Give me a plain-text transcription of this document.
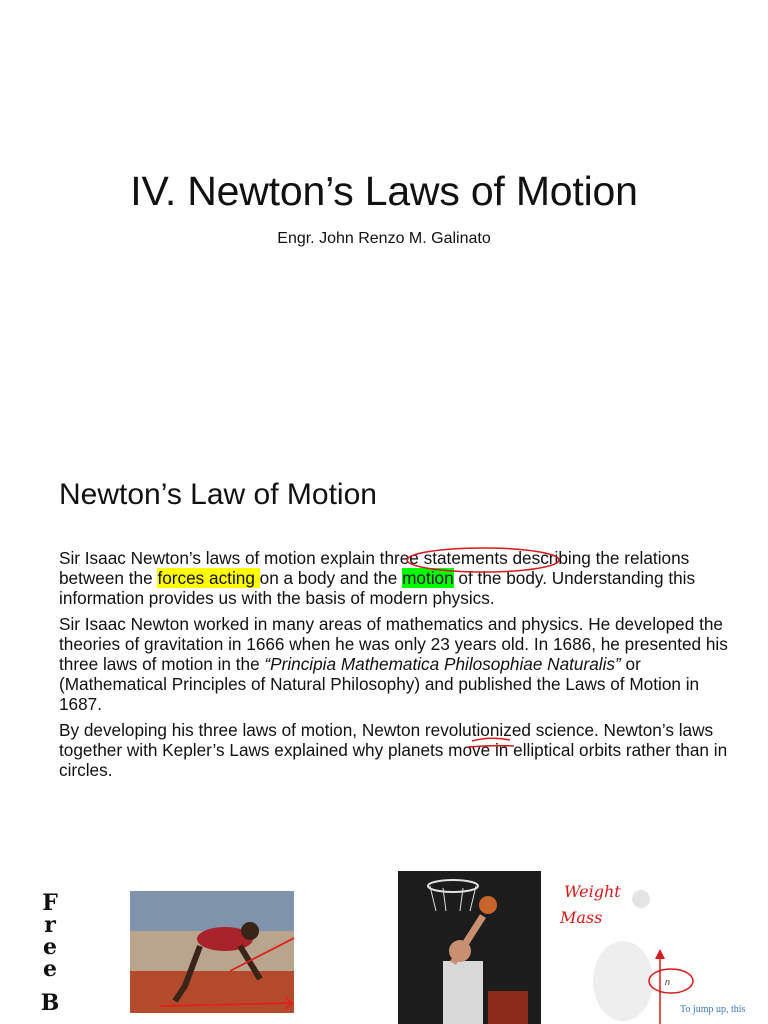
IV. Newton’s Laws of Motion
Engr. John Renzo M. Galinato
Newton’s Law of Motion

Sir Isaac Newton’s laws of motion explain three statements describing the relations between the forces acting on a body and the motion of the body. Understanding this information provides us with the basis of modern physics.

Sir Isaac Newton worked in many areas of mathematics and physics. He developed the theories of gravitation in 1666 when he was only 23 years old. In 1686, he presented his three laws of motion in the “Principia Mathematica Philosophiae Naturalis” or (Mathematical Principles of Natural Philosophy) and published the Laws of Motion in 1687.

By developing his three laws of motion, Newton revolutionized science. Newton’s laws together with Kepler’s Laws explained why planets move in elliptical orbits rather than in circles.

F
r
e
e
B
n
Weight
Mass
To jump up, this
